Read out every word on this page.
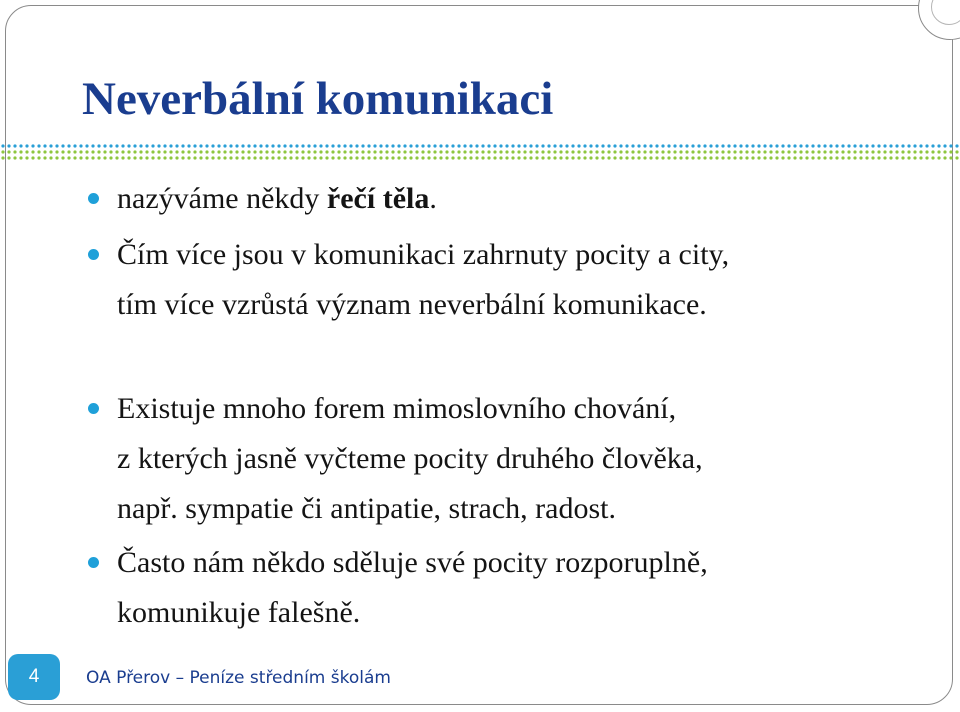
Neverbální komunikaci
nazýváme někdy řečí těla.
Čím více jsou v komunikaci zahrnuty pocity a city,
tím více vzrůstá význam neverbální komunikace.
Existuje mnoho forem mimoslovního chování,
z kterých jasně vyčteme pocity druhého člověka,
např. sympatie či antipatie, strach, radost.
Často nám někdo sděluje své pocity rozporuplně,
komunikuje falešně.
4	OA Přerov – Peníze středním školám
